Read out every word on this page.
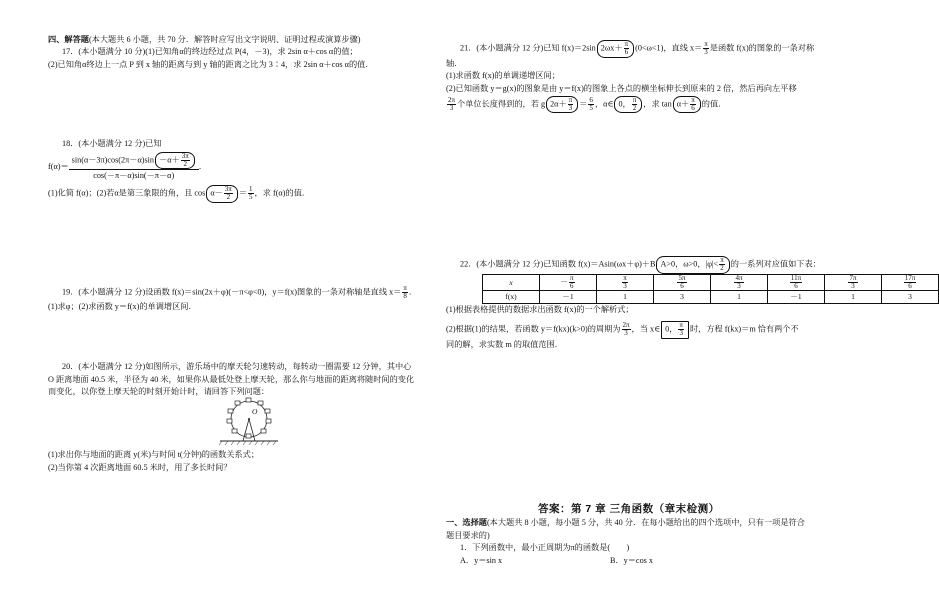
四、解答题(本大题共 6 小题，共 70 分．解答时应写出文字说明、证明过程或演算步骤)

17．(本小题满分 10 分)(1)已知角α的终边经过点 P(4，－3)，求 2sin α＋cos α的值；

(2)已知角α终边上一点 P 到 x 轴的距离与到 y 轴的距离之比为 3∶4，求 2sin α＋cos α的值．

18．(本小题满分 12 分)已知

$f(\alpha)= \frac{\sin(\alpha-3\pi)\cos(2\pi-\alpha)\sin -\alpha+ \frac{3\pi}{2}}{\cos(-\pi-\alpha)\sin(-\pi-\alpha)}$ ．

(1)化简 f(α)；(2)若α是第三象限的角，且 $\cos \alpha- \frac{3\pi}{2} = \frac{1}{5}$ ，求 f(α)的值．

19．(本小题满分 12 分)设函数 f(x)＝sin(2x＋φ)(－π<φ<0)，y＝f(x)图象的一条对称轴是直线 $x= \frac{\pi}{8}$ ．

(1)求φ；(2)求函数 y＝f(x)的单调增区间．

20．(本小题满分 12 分)如图所示，游乐场中的摩天轮匀速转动，每转动一圈需要 12 分钟，其中心

O 距离地面 40.5 米，半径为 40 米，如果你从最低处登上摩天轮，那么你与地面的距离将随时间的变化

而变化，以你登上摩天轮的时刻开始计时，请回答下列问题：

O

(1)求出你与地面的距离 y(米)与时间 t(分钟)的函数关系式；

(2)当你第 4 次距离地面 60.5 米时，用了多长时间？

21．(本小题满分 12 分)已知 f(x)＝2sin $2\omega x+ \frac{\pi}{6} (0<\omega<1)$，直线 $x= \frac{\pi}{3}$ 是函数 f(x)的图象的一条对称

轴．

(1)求函数 f(x)的单调递增区间；

(2)已知函数 y＝g(x)的图象是由 y＝f(x)的图象上各点的横坐标伸长到原来的 2 倍，然后再向左平移

$\frac{2\pi}{3}$ 个单位长度得到的，若 g $2\alpha+ \frac{\pi}{3} = \frac{6}{5}$ ，α∈ 0， $\frac{\pi}{2}$ ，求 $\tan \alpha+ \frac{\pi}{6}$ 的值．

22．(本小题满分 12 分)已知函数 f(x)＝Asin(ωx＋φ)＋B A>0，ω>0，$|\varphi|< \frac{\pi}{2}$ 的一系列对应值如下表：

x	－ $\frac{\pi}{6}$	$\frac{\pi}{3}$	$\frac{5\pi}{6}$	$\frac{4\pi}{3}$	$\frac{11\pi}{6}$	$\frac{7\pi}{3}$	$\frac{17\pi}{6}$

f(x)	－1	1	3	1	－1	1	3

(1)根据表格提供的数据求出函数 f(x)的一个解析式；

(2)根据(1)的结果，若函数 y＝f(kx)(k>0)的周期为 $\frac{2\pi}{3}$ ，当 x∈ 0， $\frac{\pi}{3}$ 时，方程 f(kx)＝m 恰有两个不

同的解，求实数 m 的取值范围．

答案：第 7 章 三角函数（章末检测）

一、选择题(本大题共 8 小题，每小题 5 分，共 40 分．在每小题给出的四个选项中，只有一项是符合

题目要求的)

1．下列函数中，最小正周期为π的函数是(　　)

A．y＝sin x	B．y＝cos x
